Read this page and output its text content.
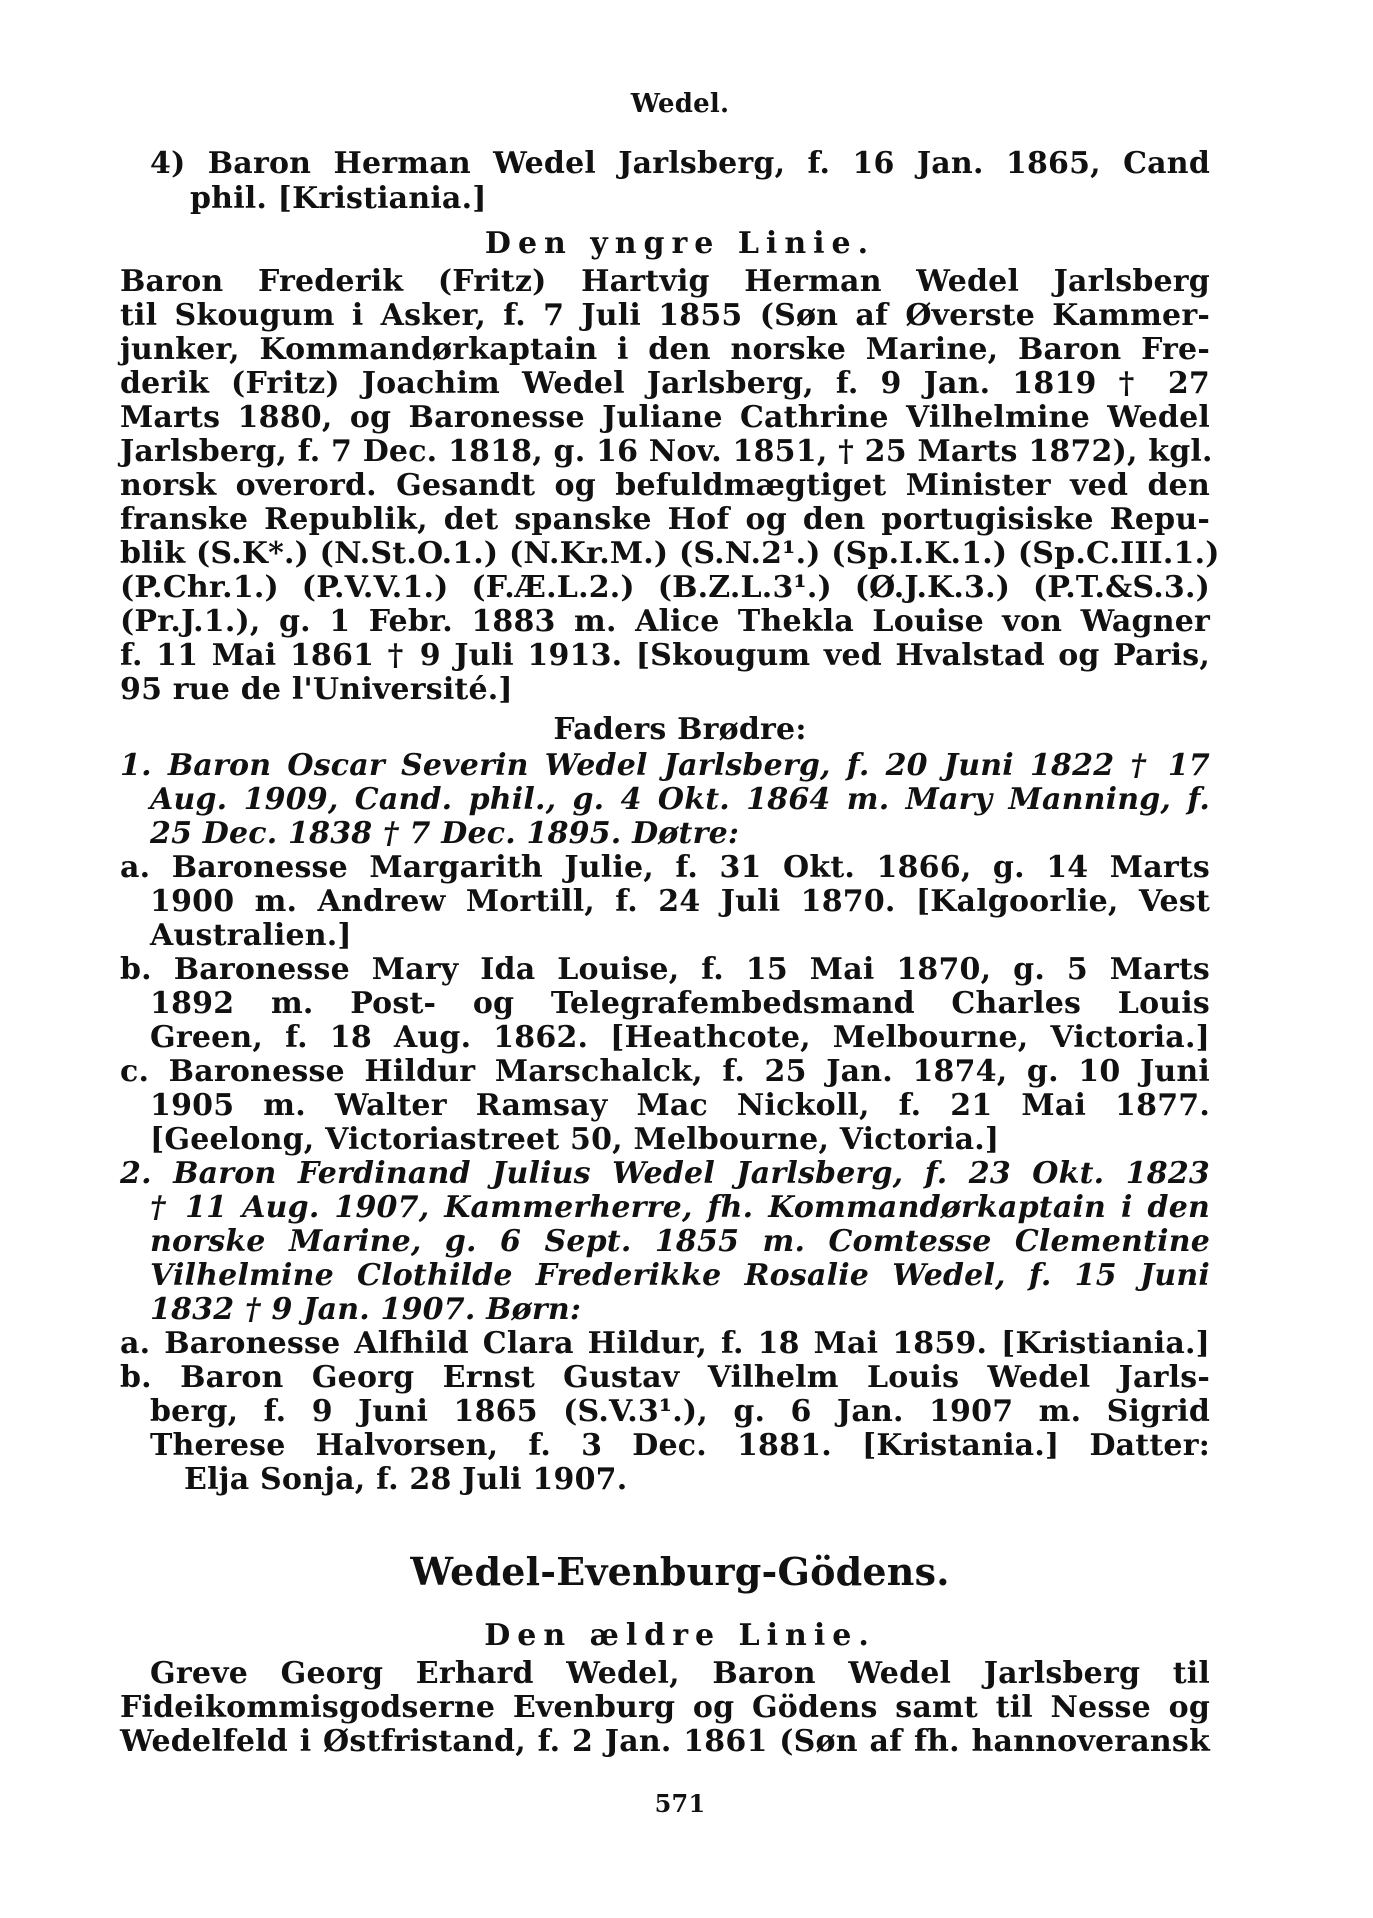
Wedel.
4) Baron Herman Wedel Jarlsberg, f. 16 Jan. 1865, Cand
phil. [Kristiania.]
Den yngre Linie.
Baron Frederik (Fritz) Hartvig Herman Wedel Jarlsberg
til Skougum i Asker, f. 7 Juli 1855 (Søn af Øverste Kammer-
junker, Kommandørkaptain i den norske Marine, Baron Fre-
derik (Fritz) Joachim Wedel Jarlsberg, f. 9 Jan. 1819 † 27
Marts 1880, og Baronesse Juliane Cathrine Vilhelmine Wedel
Jarlsberg, f. 7 Dec. 1818, g. 16 Nov. 1851, † 25 Marts 1872), kgl.
norsk overord. Gesandt og befuldmægtiget Minister ved den
franske Republik, det spanske Hof og den portugisiske Repu-
blik (S.K*.) (N.St.O.1.) (N.Kr.M.) (S.N.2¹.) (Sp.I.K.1.) (Sp.C.III.1.)
(P.Chr.1.) (P.V.V.1.) (F.Æ.L.2.) (B.Z.L.3¹.) (Ø.J.K.3.) (P.T.&S.3.)
(Pr.J.1.), g. 1 Febr. 1883 m. Alice Thekla Louise von Wagner
f. 11 Mai 1861 † 9 Juli 1913. [Skougum ved Hvalstad og Paris,
95 rue de l'Université.]
Faders Brødre:
1. Baron Oscar Severin Wedel Jarlsberg, f. 20 Juni 1822 † 17
Aug. 1909, Cand. phil., g. 4 Okt. 1864 m. Mary Manning, f.
25 Dec. 1838 † 7 Dec. 1895. Døtre:
a. Baronesse Margarith Julie, f. 31 Okt. 1866, g. 14 Marts
1900 m. Andrew Mortill, f. 24 Juli 1870. [Kalgoorlie, Vest
Australien.]
b. Baronesse Mary Ida Louise, f. 15 Mai 1870, g. 5 Marts
1892 m. Post- og Telegrafembedsmand Charles Louis
Green, f. 18 Aug. 1862. [Heathcote, Melbourne, Victoria.]
c. Baronesse Hildur Marschalck, f. 25 Jan. 1874, g. 10 Juni
1905 m. Walter Ramsay Mac Nickoll, f. 21 Mai 1877.
[Geelong, Victoriastreet 50, Melbourne, Victoria.]
2. Baron Ferdinand Julius Wedel Jarlsberg, f. 23 Okt. 1823
† 11 Aug. 1907, Kammerherre, fh. Kommandørkaptain i den
norske Marine, g. 6 Sept. 1855 m. Comtesse Clementine
Vilhelmine Clothilde Frederikke Rosalie Wedel, f. 15 Juni
1832 † 9 Jan. 1907. Børn:
a. Baronesse Alfhild Clara Hildur, f. 18 Mai 1859. [Kristiania.]
b. Baron Georg Ernst Gustav Vilhelm Louis Wedel Jarls-
berg, f. 9 Juni 1865 (S.V.3¹.), g. 6 Jan. 1907 m. Sigrid
Therese Halvorsen, f. 3 Dec. 1881. [Kristania.] Datter:
Elja Sonja, f. 28 Juli 1907.
Wedel-Evenburg-Gödens.
Den ældre Linie.
Greve Georg Erhard Wedel, Baron Wedel Jarlsberg til
Fideikommisgodserne Evenburg og Gödens samt til Nesse og
Wedelfeld i Østfristand, f. 2 Jan. 1861 (Søn af fh. hannoveransk
571
